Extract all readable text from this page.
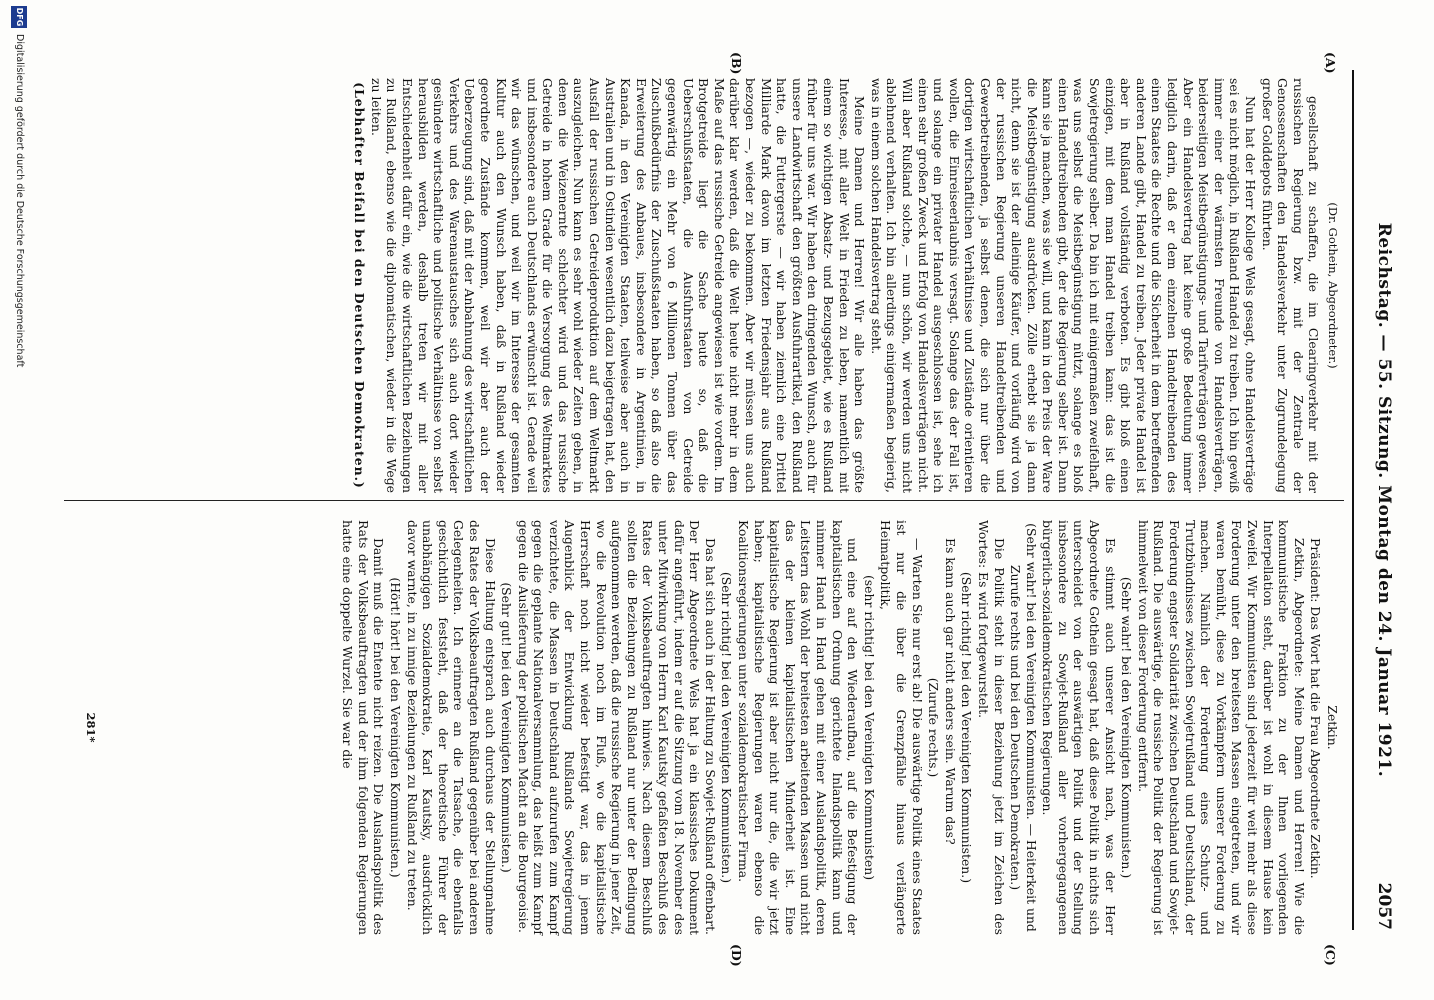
Reichstag. — 55. Sitzung. Montag den 24. Januar 1921.
2057
(A)
(B)
(C)
(D)
(Dr. Gothein, Abgeordneter.)

gesellschaft zu schaffen, die im Clearingverkehr mit der russischen Regierung bzw. mit der Zentrale der Genossenschaften den Handelsverkehr unter Zugrundelegung großer Golddepots führten.

Nun hat der Herr Kollege Wels gesagt, ohne Handelsverträge sei es nicht möglich, in Rußland Handel zu treiben. Ich bin gewiß immer einer der wärmsten Freunde von Handelsverträgen, beiderseitigen Meistbegünstigungs- und Tarifverträgen gewesen. Aber ein Handelsvertrag hat keine große Bedeutung immer lediglich darin, daß er dem einzelnen Handeltreibenden des einen Staates die Rechte und die Sicherheit in dem betreffenden anderen Lande gibt, Handel zu treiben. Jeder private Handel ist aber in Rußland vollständig verboten. Es gibt bloß einen einzigen, mit dem man Handel treiben kann: das ist die Sowjetregierung selber. Da bin ich mit einigermaßen zweifelhaft, was uns selbst die Meistbegünstigung nützt, solange es bloß einen Handeltreibenden gibt, der die Regierung selber ist. Dann kann sie ja machen, was sie will, und kann in den Preis der Ware die Meistbegünstigung ausdrücken. Zölle erhebt sie ja dann nicht, denn sie ist der alleinige Käufer, und vorläufig wird von der russischen Regierung unseren Handeltreibenden und Gewerbetreibenden, ja selbst denen, die sich nur über die dortigen wirtschaftlichen Verhältnisse und Zustände orientieren wollen, die Einreiseerlaubnis versagt. Solange das der Fall ist, und solange ein privater Handel ausgeschlossen ist, sehe ich einen sehr großen Zweck und Erfolg von Handelsverträgen nicht. Will aber Rußland solche, — nun schön, wir werden uns nicht ablehnend verhalten. Ich bin allerdings einigermaßen begierig, was in einem solchen Handelsvertrag steht.

Meine Damen und Herren! Wir alle haben das größte Interesse, mit aller Welt in Frieden zu leben, namentlich mit einem so wichtigen Absatz- und Bezugsgebiet, wie es Rußland früher für uns war. Wir haben den dringenden Wunsch, auch für unsere Landwirtschaft den größten Ausfuhrartikel, den Rußland hatte, die Futtergerste — wir haben ziemlich eine Drittel Milliarde Mark davon im letzten Friedensjahr aus Rußland bezogen —, wieder zu bekommen. Aber wir müssen uns auch darüber klar werden, daß die Welt heute nicht mehr in dem Maße auf das russische Getreide angewiesen ist wie vordem. Im Brotgetreide liegt die Sache heute so, daß die Ueberschußstaaten, die Ausfuhrstaaten von Getreide gegenwärtig ein Mehr von 6 Millionen Tonnen über das Zuschußbedürfnis der Zuschußstaaten haben, so daß also die Erweiterung des Anbaues, insbesondere in Argentinien, in Kanada, in den Vereinigten Staaten, teilweise aber auch in Australien und in Ostindien wesentlich dazu beigetragen hat, den Ausfall der russischen Getreideproduktion auf dem Weltmarkt auszugleichen. Nun kann es sehr wohl wieder Zeiten geben, in denen die Weizenernte schlechter wird und das russische Getreide in hohem Grade für die Versorgung des Weltmarktes und insbesondere auch Deutschlands erwünscht ist. Gerade weil wir das wünschen, und weil wir im Interesse der gesamten Kultur auch den Wunsch haben, daß in Rußland wieder geordnete Zustände kommen, weil wir aber auch der Ueberzeugung sind, daß mit der Anbahnung des wirtschaftlichen Verkehrs und des Warenaustausches sich auch dort wieder gesündere wirtschaftliche und politische Verhältnisse von selbst herausbilden werden, deshalb treten wir mit aller Entschiedenheit dafür ein, wie die wirtschaftlichen Beziehungen zu Rußland, ebenso wie die diplomatischen, wieder in die Wege zu leiten.

(Lebhafter Beifall bei den Deutschen Demokraten.)

Zetkin.

Präsident: Das Wort hat die Frau Abgeordnete Zetkin.

Zetkin, Abgeordnete: Meine Damen und Herren! Wie die kommunistische Fraktion zu der Ihnen vorliegenden Interpellation steht, darüber ist wohl in diesem Hause kein Zweifel. Wir Kommunisten sind jederzeit für weit mehr als diese Forderung unter den breitesten Massen eingetreten, und wir waren bemüht, diese zu Vorkämpfern unserer Forderung zu machen. Nämlich der Forderung eines Schutz- und Trutzbündnisses zwischen Sowjetrußland und Deutschland, der Forderung engster Solidarität zwischen Deutschland und Sowjet-Rußland. Die auswärtige, die russische Politik der Regierung ist himmelweit von dieser Forderung entfernt.

(Sehr wahr! bei den Vereinigten Kommunisten.)

Es stimmt auch unserer Ansicht nach, was der Herr Abgeordnete Gothein gesagt hat, daß diese Politik in nichts sich unterscheidet von der auswärtigen Politik und der Stellung insbesondere zu Sowjet-Rußland aller vorhergegangenen bürgerlich-sozialdemokratischen Regierungen.

(Sehr wahr! bei den Vereinigten Kommunisten. — Heiterkeit und Zurufe rechts und bei den Deutschen Demokraten.)

Die Politik steht in dieser Beziehung jetzt im Zeichen des Wortes: Es wird fortgewurstelt.

(Sehr richtig! bei den Vereinigten Kommunisten.)

Es kann auch gar nicht anders sein. Warum das?

(Zurufe rechts.)

— Warten Sie nur erst ab! Die auswärtige Politik eines Staates ist nur die über die Grenzpfähle hinaus verlängerte Heimatpolitik,

(sehr richtig! bei den Vereinigten Kommunisten)

und eine auf den Wiederaufbau, auf die Befestigung der kapitalistischen Ordnung gerichtete Inlandspolitik kann und nimmer Hand in Hand gehen mit einer Auslandspolitik, deren Leitstern das Wohl der breitesten arbeitenden Massen und nicht das der kleinen kapitalistischen Minderheit ist. Eine kapitalistische Regierung ist aber nicht nur die, die wir jetzt haben; kapitalistische Regierungen waren ebenso die Koalitionsregierungen unter sozialdemokratischer Firma.

(Sehr richtig! bei den Vereinigten Kommunisten.)

Das hat sich auch in der Haltung zu Sowjet-Rußland offenbart. Der Herr Abgeordnete Wels hat ja ein klassisches Dokument dafür angeführt, indem er auf die Sitzung vom 18. November des unter Mitwirkung von Herrn Karl Kautsky gefaßten Beschluß des Rates der Volksbeauftragten hinwies. Nach diesem Beschluß sollten die Beziehungen zu Rußland nur unter der Bedingung aufgenommen werden, daß die russische Regierung in jener Zeit, wo die Revolution noch im Fluß, wo die kapitalistische Herrschaft noch nicht wieder befestigt war, das in jenem Augenblick der Entwicklung Rußlands Sowjetregierung verzichtete, die Massen in Deutschland aufzurufen zum Kampf gegen die geplante Nationalversammlung, das heißt zum Kampf gegen die Auslieferung der politischen Macht an die Bourgeoisie.

(Sehr gut! bei den Vereinigten Kommunisten.)

Diese Haltung entsprach auch durchaus der Stellungnahme des Rates der Volksbeauftragten Rußland gegenüber bei anderen Gelegenheiten. Ich erinnere an die Tatsache, die ebenfalls geschichtlich feststeht, daß der theoretische Führer der unabhängigen Sozialdemokratie, Karl Kautsky, ausdrücklich davor warnte, in zu innige Beziehungen zu Rußland zu treten.

(Hört! hört! bei den Vereinigten Kommunisten.)

Damit muß die Entente nicht reizen. Die Auslandspolitik des Rats der Volksbeauftragten und der ihm folgenden Regierungen hatte eine doppelte Wurzel. Sie war die

281*
DFG
Digitalisierung gefördert durch die Deutsche Forschungsgemeinschaft
